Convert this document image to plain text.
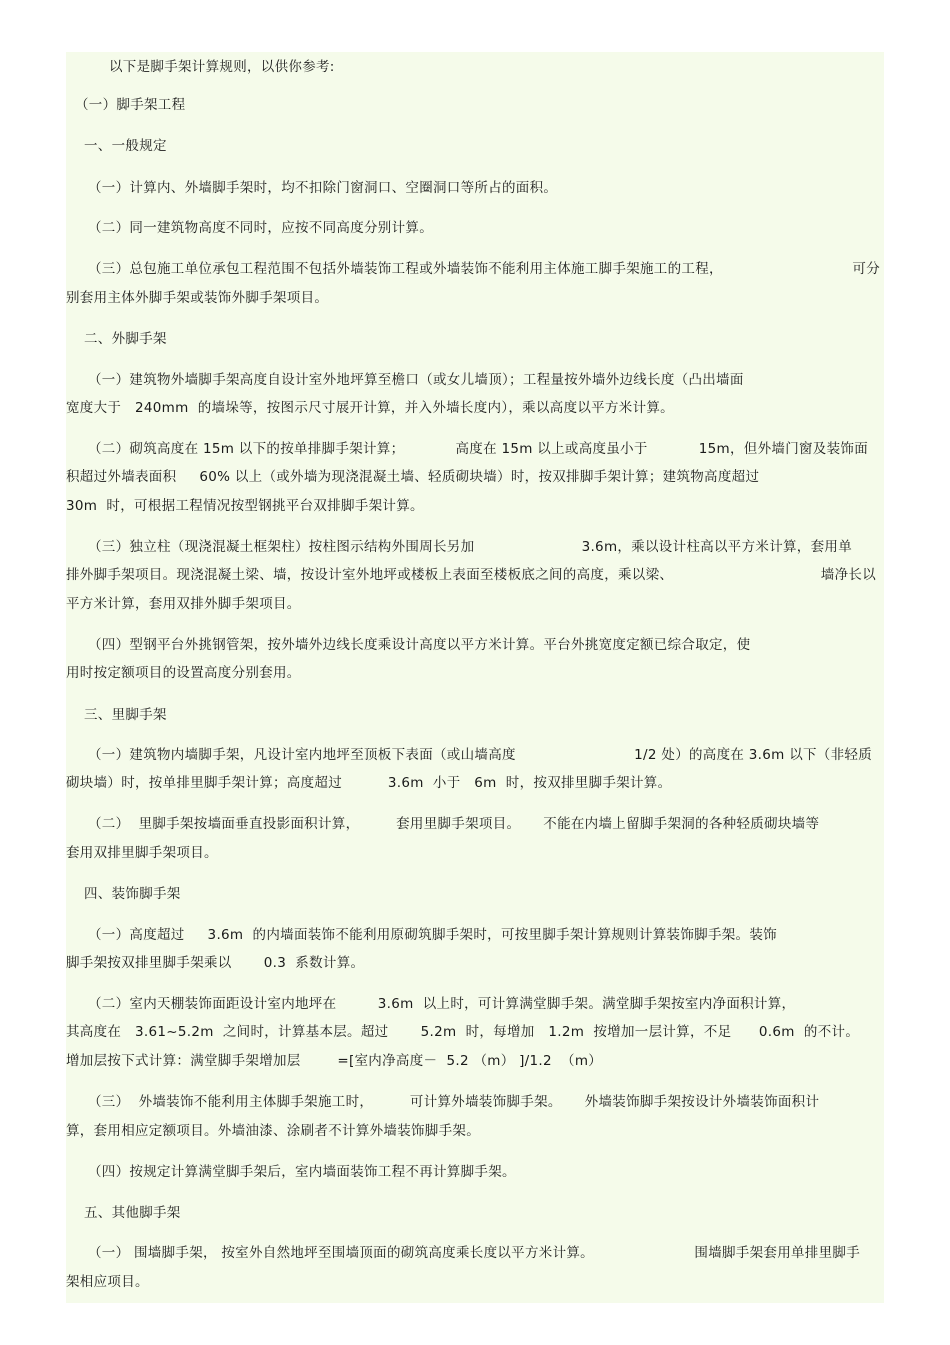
以下是脚手架计算规则，以供你参考:
（一）脚手架工程
一、一般规定
（一）计算内、外墙脚手架时，均不扣除门窗洞口、空圈洞口等所占的面积。
（二）同一建筑物高度不同时，应按不同高度分别计算。
（三）总包施工单位承包工程范围不包括外墙装饰工程或外墙装饰不能利用主体施工脚手架施工的工程，	可分
别套用主体外脚手架或装饰外脚手架项目。
二、外脚手架
（一）建筑物外墙脚手架高度自设计室外地坪算至檐口（或女儿墙顶）；工程量按外墙外边线长度（凸出墙面
宽度大于   240mm  的墙垛等，按图示尺寸展开计算，并入外墙长度内），乘以高度以平方米计算。
（二）砌筑高度在 15m 以下的按单排脚手架计算；	高度在 15m 以上或高度虽小于	15m，但外墙门窗及装饰面
积超过外墙表面积     60% 以上（或外墙为现浇混凝土墙、轻质砌块墙）时，按双排脚手架计算；建筑物高度超过
30m  时，可根据工程情况按型钢挑平台双排脚手架计算。
（三）独立柱（现浇混凝土框架柱）按柱图示结构外围周长另加	3.6m，乘以设计柱高以平方米计算，套用单
排外脚手架项目。现浇混凝土梁、墙，按设计室外地坪或楼板上表面至楼板底之间的高度，乘以梁、	墙净长以
平方米计算，套用双排外脚手架项目。
（四）型钢平台外挑钢管架，按外墙外边线长度乘设计高度以平方米计算。平台外挑宽度定额已综合取定，使
用时按定额项目的设置高度分别套用。
三、里脚手架
（一）建筑物内墙脚手架，凡设计室内地坪至顶板下表面（或山墙高度	1/2 处）的高度在 3.6m 以下（非轻质
砌块墙）时，按单排里脚手架计算；高度超过          3.6m  小于   6m  时，按双排里脚手架计算。
（二）  里脚手架按墙面垂直投影面积计算，        套用里脚手架项目。     不能在内墙上留脚手架洞的各种轻质砌块墙等
套用双排里脚手架项目。
四、装饰脚手架
（一）高度超过     3.6m  的内墙面装饰不能利用原砌筑脚手架时，可按里脚手架计算规则计算装饰脚手架。装饰
脚手架按双排里脚手架乘以       0.3  系数计算。
（二）室内天棚装饰面距设计室内地坪在         3.6m  以上时，可计算满堂脚手架。满堂脚手架按室内净面积计算，
其高度在   3.61~5.2m  之间时，计算基本层。超过       5.2m  时，每增加   1.2m  按增加一层计算，不足      0.6m  的不计。
增加层按下式计算：满堂脚手架增加层        =[室内净高度－  5.2 （m） ]/1.2  （m）
（三）  外墙装饰不能利用主体脚手架施工时，        可计算外墙装饰脚手架。     外墙装饰脚手架按设计外墙装饰面积计
算，套用相应定额项目。外墙油漆、涂刷者不计算外墙装饰脚手架。
（四）按规定计算满堂脚手架后，室内墙面装饰工程不再计算脚手架。
五、其他脚手架
（一） 围墙脚手架， 按室外自然地坪至围墙顶面的砌筑高度乘长度以平方米计算。	围墙脚手架套用单排里脚手
架相应项目。
